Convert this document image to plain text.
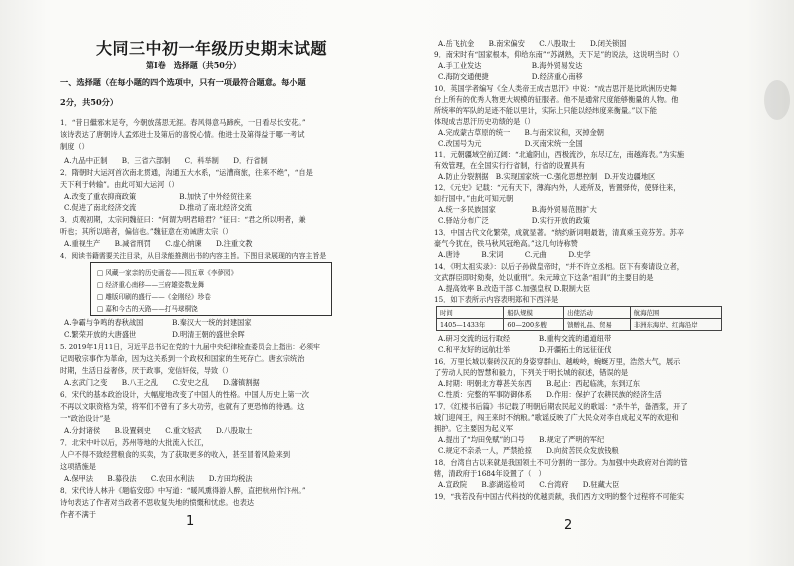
大同三中初一年级历史期末试题
第Ⅰ卷　选择题（共50分）
一、选择题（在每小题的四个选项中，只有一项最符合题意。每小题
2分，共50分）
1．“昔日繼邪末足夸，今朝放荡思无涯。春风得意马蹄疾，一日看尽长安花。”
该诗表达了唐朝诗人孟郊进士及第后的喜悦心情。他进士及第得益于哪一考试
制度（）
A.九品中正制　　B．三省六部制　　C．科举制　　D．行省制
2．隋朝时大运河首次南北贯通，沟通五大水系，“运漕商旅，往来不绝”，“自是
天下利于转输”。由此可知大运河（）
A.改变了重农抑商政策　　　　　　B.加快了中外经贸往来
C.促进了南北经济交流　　　　　　D.推动了南北经济交流
3．贞观初期，太宗问魏征曰：“何谓为明君暗君？”征曰：“君之所以明者，兼
听也；其所以暗者，偏信也。”魏征意在劝诫唐太宗（）
A.重视生产　　B.减省刑罚　　C.虚心纳谏　　D.注重文教
4．阅读书籍需要关注目录，从目录能推测出书的内容主旨。下图目录展现的内容主旨是
□ 风藏一家亲的历史画卷——园五章《李夢园》
□ 经济重心南移——三府雄姿数龙舞
□ 雕版印刷的盛行——《金刚经》珍卷
□ 嘉和今古的天路——打马球桐饶
A.争霸与争鸣的春秋战国　　　　B.秦汉大一统的封建国家
C.繁荣开放的大唐盛世　　　　　D.明清王朝的盛世余晖
5. 2019年1月11日，习近平总书记在党的十九届中央纪律检查委员会上指出：必须牢
记周敬宗事作为革命，因为这关系到一个政权和国家的生死存亡。唐玄宗统治
时期，生活日益奢侈，厌于政事，宠信奸佞，导致（）
A.玄武门之变　　B.八王之乱　　C.安史之乱　　D.藩镇割据
6．宋代的基本政治设计，大幅度地改变了中国人的性格。中国人历史上第一次
不再以文职资格为荣，将军们不曾有了多大功劳，也就有了更恐怖的待遇。这
一“政治设计”是
A.分封诸侯　　B.设置刺史　　C.重文轻武　　D.八股取士
7．北宋中叶以后，苏州等地的大批流入长江，
人户不得不致经营粮食的买卖，为了获取更多的收入，甚至冒着风险来到
这项措施是
A.保甲法　　B.募役法　　C.农田水利法　　D.方田均税法
8．宋代诗人林升《题临安邸》中写道：“暖风熏得游人醉，直把杭州作汴州。”
诗句表达了作者对当政者不思收复失地的愤慨和忧虑。也表达
作者不满于	1
A.岳飞抗金　　B.南宋偏安　　C.八股取士　　D.闭关锁国
9．南宋时有“国家根本，仰给东南”“苏湖熟，天下足”的说法，这说明当时（）
A.手工业发达　　　　　　　B.海外贸易发达
C.海防交通便捷　　　　　　D.经济重心南移
10．英国学者编写《全人类帝王成吉思汗》中说：“成吉思汗是比欧洲历史舞
台上所有的优秀人物更大规模的征服者。他不是通常尺度能够衡量的人物。他
所统率的军队的足迹不能以里计，实际上只能以经纬度来衡量。”以下能
体现成吉思汗历史功绩的是（）
A.完成蒙古草原的统一　　B.与南宋议和，灭掉金朝
C.改国号为元　　　　　　D.灭南宋统一全国
11．元朝疆域空前辽阔：“北逾阴山，西极流沙，东尽辽左，南越海表。”为实施
有效管理，在全国实行行省制，行省的设置具有
A.防止分裂割据　B.实现国家统一C.强化思想控制　D.开发边疆地区
12．《元史》记载：“元有天下，薄海内外，人迹所及，皆置驿传，使驿往来，
如行国中。”由此可知元朝
A.统一多民族国家　　　　　B.海外贸易范围扩大
C.驿站分布广泛　　　　　　D.实行开放的政策
13．中国古代文化繁荣，成就显著。“纳约新词唱最谐，清真乘玉竞芬芳。苏辛
豪气今犹在，铁马秋风冠绝高。”这几句诗称赞
A.唐诗　　　B.宋词　　　C.元曲　　　D.史学
14．《明太祖实录》：以后子孙做皇帝时，“并不许立丞相。臣下有奏请设立者，
文武群臣即时劾奏，处以重刑”。朱元璋立下这条“祖训”的主要目的是
A.提高效率 B.改造干部 C.加强皇权 D.限制大臣
15．如下表所示内容表明郑和下西洋是
时间	船队规模	出使活动	航海范围
1405—1433年	60—200多艘	馈赠礼品、贸易	非洲东海岸、红海沿岸
A.研习交流的远行取经　　　　B.重构交流的通道纽带
C.和平友好的远航壮举　　　　D.开疆拓土的远征征伐
16．万里长城以秦砖汉瓦的身姿穿群山、越峻岭，蜿蜒万里，浩然大气，展示
了劳动人民的智慧和毅力，下列关于明长城的叙述，错误的是
A.时期：明朝北方尊甚关东西　　B.起止：西起临洮，东到辽东
C.性质：完整的军事防御体系　　D.作用：保护了农耕民族的经济生活
17．《红楼书后篇》书记载了明朝后期农民起义的歌谣：“杀牛羊，备酒浆，开了
城门迎闯王，闯王来时不纳粮。”歌谣反映了广大民众对李自成起义军的欢迎和
拥护。它主要因为起义军
A.提出了“均田免赋”的口号　　B.规定了严明的军纪
C.规定不亲杀一人，严禁抢掠　　D.向贫苦民众发放钱粮
18．台湾自古以来就是我国领土不可分割的一部分。为加强中央政府对台湾的管
辖，清政府于1684年设置了（　）
A.宣政院　　B.澎湖巡检司　　C.台湾府　　D.驻藏大臣
19．“我若没有中国古代科技的优越贡献，我们西方文明的整个过程将不可能实
2
